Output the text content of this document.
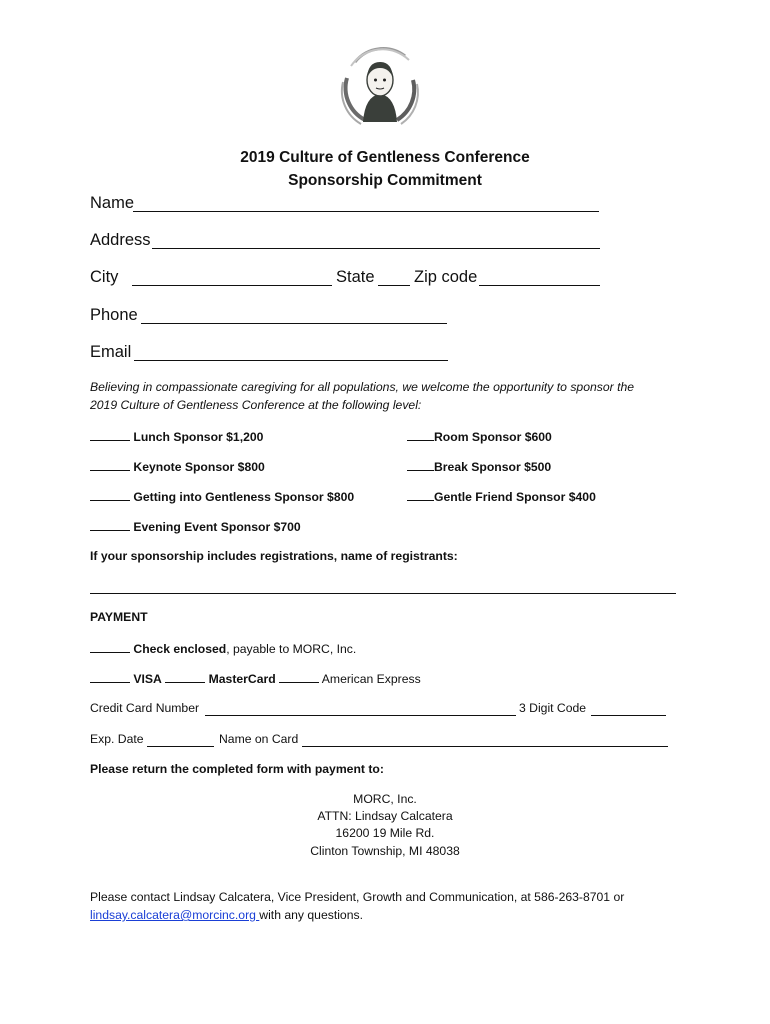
2019 Culture of Gentleness Conference
Sponsorship Commitment
Name
Address
City	State Zip code
Phone
Email
Believing in compassionate caregiving for all populations, we welcome the opportunity to sponsor the
2019 Culture of Gentleness Conference at the following level:
Lunch Sponsor $1,200
Keynote Sponsor $800
Getting into Gentleness Sponsor $800
Evening Event Sponsor $700
Room Sponsor $600
Break Sponsor $500
Gentle Friend Sponsor $400
If your sponsorship includes registrations, name of registrants:
PAYMENT
Check enclosed, payable to MORC, Inc.
VISA	MasterCard	American Express
Credit Card Number	3 Digit Code
Exp. Date	Name on Card
Please return the completed form with payment to:
MORC, Inc.
ATTN: Lindsay Calcatera
16200 19 Mile Rd.
Clinton Township, MI 48038
Please contact Lindsay Calcatera, Vice President, Growth and Communication, at 586-263-8701 or
lindsay.calcatera@morcinc.org with any questions.
